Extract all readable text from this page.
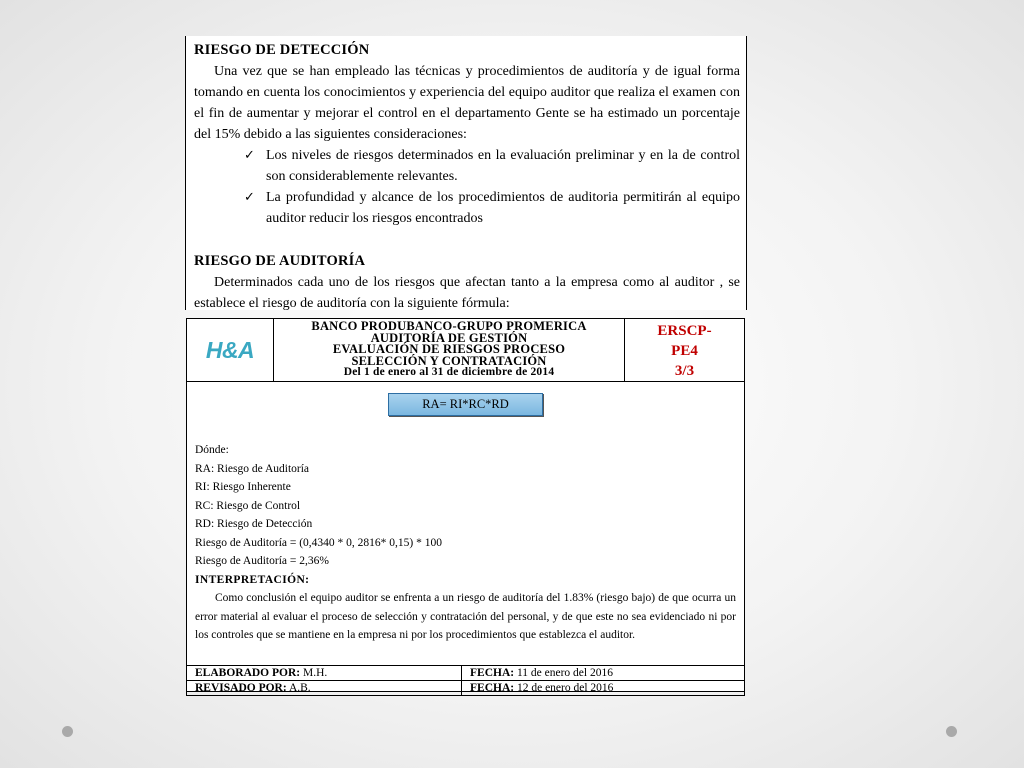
RIESGO DE DETECCIÓN

Una vez que se han empleado las técnicas y procedimientos de auditoría y de igual forma tomando en cuenta los conocimientos y experiencia del equipo auditor que realiza el examen con el fin de aumentar y mejorar el control en el departamento Gente se ha estimado un porcentaje del 15% debido a las siguientes consideraciones:

✓ Los niveles de riesgos determinados en la evaluación preliminar y en la de control son considerablemente relevantes.
✓ La profundidad y alcance de los procedimientos de auditoria permitirán al equipo auditor reducir los riesgos encontrados
RIESGO DE AUDITORÍA

Determinados cada uno de los riesgos que afectan tanto a la empresa como al auditor , se establece el riesgo de auditoría con la siguiente fórmula:

H&A
BANCO PRODUBANCO-GRUPO PROMERICA
AUDITORÍA DE GESTIÓN
EVALUACIÓN DE RIESGOS PROCESO
SELECCIÓN Y CONTRATACIÓN
Del 1 de enero al 31 de diciembre de 2014
ERSCP-
PE4
3/3
RA= RI*RC*RD
Dónde:
RA: Riesgo de Auditoría
RI: Riesgo Inherente
RC: Riesgo de Control
RD: Riesgo de Detección
Riesgo de Auditoría = (0,4340 * 0, 2816* 0,15) * 100
Riesgo de Auditoría = 2,36%
INTERPRETACIÓN:

Como conclusión el equipo auditor se enfrenta a un riesgo de auditoría del 1.83% (riesgo bajo) de que ocurra un error material al evaluar el proceso de selección y contratación del personal, y de que este no sea evidenciado ni por los controles que se mantiene en la empresa ni por los procedimientos que establezca el auditor.

ELABORADO POR: M.H.	FECHA: 11 de enero del 2016
REVISADO POR: A.B.	FECHA: 12 de enero del 2016
